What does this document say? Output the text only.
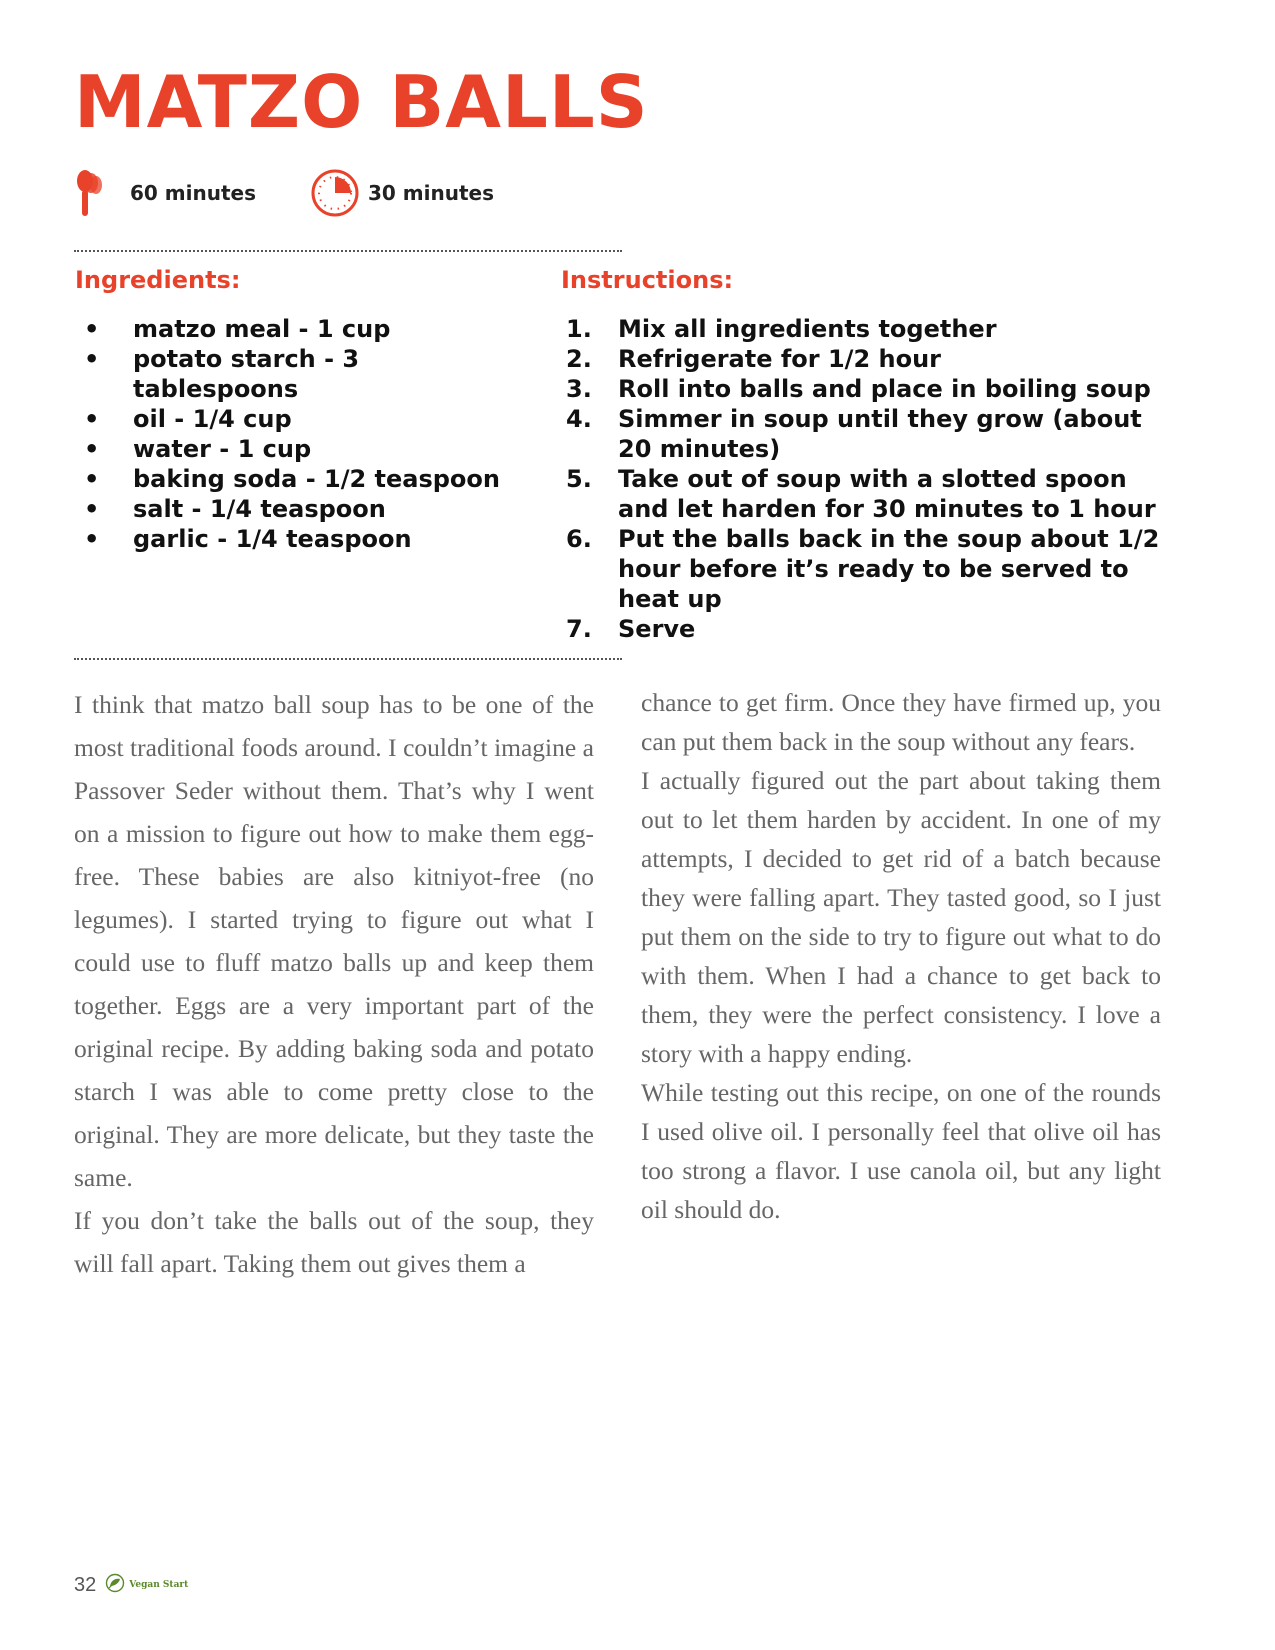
MATZO BALLS
60 minutes	30 minutes
Ingredients:
•	matzo meal - 1 cup
•	potato starch - 3 tablespoons
•	oil - 1/4 cup
•	water - 1 cup
•	baking soda - 1/2 teaspoon
•	salt - 1/4 teaspoon
•	garlic - 1/4 teaspoon
Instructions:
1.	Mix all ingredients together
2.	Refrigerate for 1/2 hour
3.	Roll into balls and place in boiling soup
4.	Simmer in soup until they grow (about 20 minutes)
5.	Take out of soup with a slotted spoon and let harden for 30 minutes to 1 hour
6.	Put the balls back in the soup about 1/2 hour before it’s ready to be served to heat up
7.	Serve

I think that matzo ball soup has to be one of the most traditional foods around. I couldn’t imagine a Passover Seder without them. That’s why I went on a mission to figure out how to make them egg-free. These babies are also kitniyot-free (no legumes). I started trying to figure out what I could use to fluff matzo balls up and keep them together. Eggs are a very important part of the original recipe. By adding baking soda and potato starch I was able to come pretty close to the original. They are more delicate, but they taste the same.

If you don’t take the balls out of the soup, they will fall apart. Taking them out gives them a

chance to get firm. Once they have firmed up, you can put them back in the soup without any fears.

I actually figured out the part about taking them out to let them harden by accident. In one of my attempts, I decided to get rid of a batch because they were falling apart. They tasted good, so I just put them on the side to try to figure out what to do with them. When I had a chance to get back to them, they were the perfect consistency. I love a story with a happy ending.

While testing out this recipe, on one of the rounds I used olive oil. I personally feel that olive oil has too strong a flavor. I use canola oil, but any light oil should do.

32	Vegan Start
